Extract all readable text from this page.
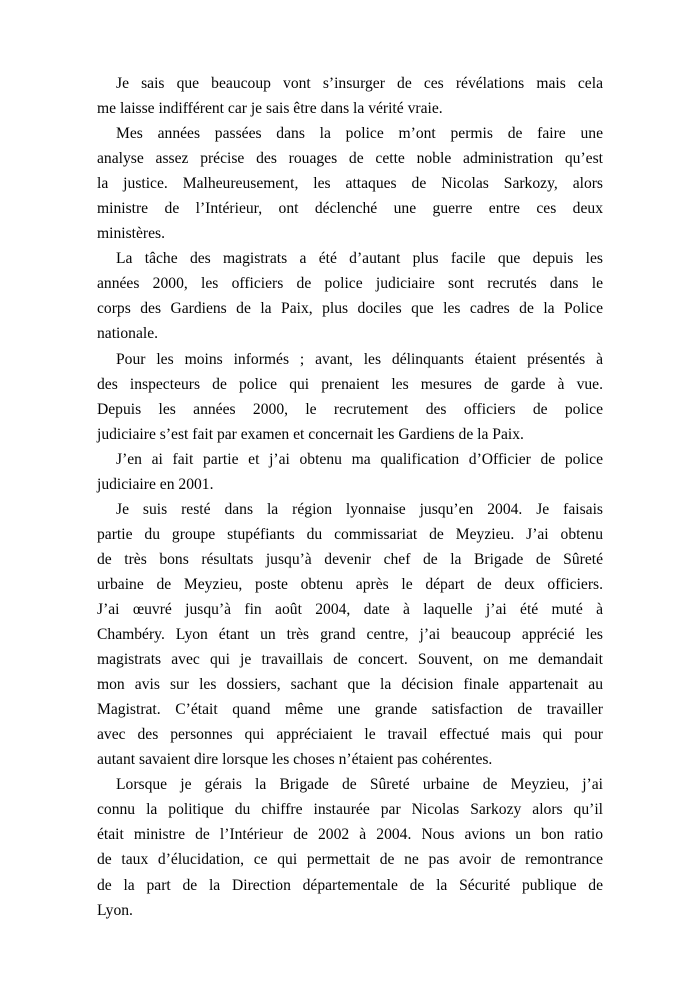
Je sais que beaucoup vont s’insurger de ces révélations mais cela
me laisse indifférent car je sais être dans la vérité vraie.

Mes années passées dans la police m’ont permis de faire une
analyse assez précise des rouages de cette noble administration qu’est
la justice. Malheureusement, les attaques de Nicolas Sarkozy, alors
ministre de l’Intérieur, ont déclenché une guerre entre ces deux
ministères.

La tâche des magistrats a été d’autant plus facile que depuis les
années 2000, les officiers de police judiciaire sont recrutés dans le
corps des Gardiens de la Paix, plus dociles que les cadres de la Police
nationale.

Pour les moins informés ; avant, les délinquants étaient présentés à
des inspecteurs de police qui prenaient les mesures de garde à vue.
Depuis les années 2000, le recrutement des officiers de police
judiciaire s’est fait par examen et concernait les Gardiens de la Paix.

J’en ai fait partie et j’ai obtenu ma qualification d’Officier de police
judiciaire en 2001.

Je suis resté dans la région lyonnaise jusqu’en 2004. Je faisais
partie du groupe stupéfiants du commissariat de Meyzieu. J’ai obtenu
de très bons résultats jusqu’à devenir chef de la Brigade de Sûreté
urbaine de Meyzieu, poste obtenu après le départ de deux officiers.
J’ai œuvré jusqu’à fin août 2004, date à laquelle j’ai été muté à
Chambéry. Lyon étant un très grand centre, j’ai beaucoup apprécié les
magistrats avec qui je travaillais de concert. Souvent, on me demandait
mon avis sur les dossiers, sachant que la décision finale appartenait au
Magistrat. C’était quand même une grande satisfaction de travailler
avec des personnes qui appréciaient le travail effectué mais qui pour
autant savaient dire lorsque les choses n’étaient pas cohérentes.

Lorsque je gérais la Brigade de Sûreté urbaine de Meyzieu, j’ai
connu la politique du chiffre instaurée par Nicolas Sarkozy alors qu’il
était ministre de l’Intérieur de 2002 à 2004. Nous avions un bon ratio
de taux d’élucidation, ce qui permettait de ne pas avoir de remontrance
de la part de la Direction départementale de la Sécurité publique de
Lyon.
